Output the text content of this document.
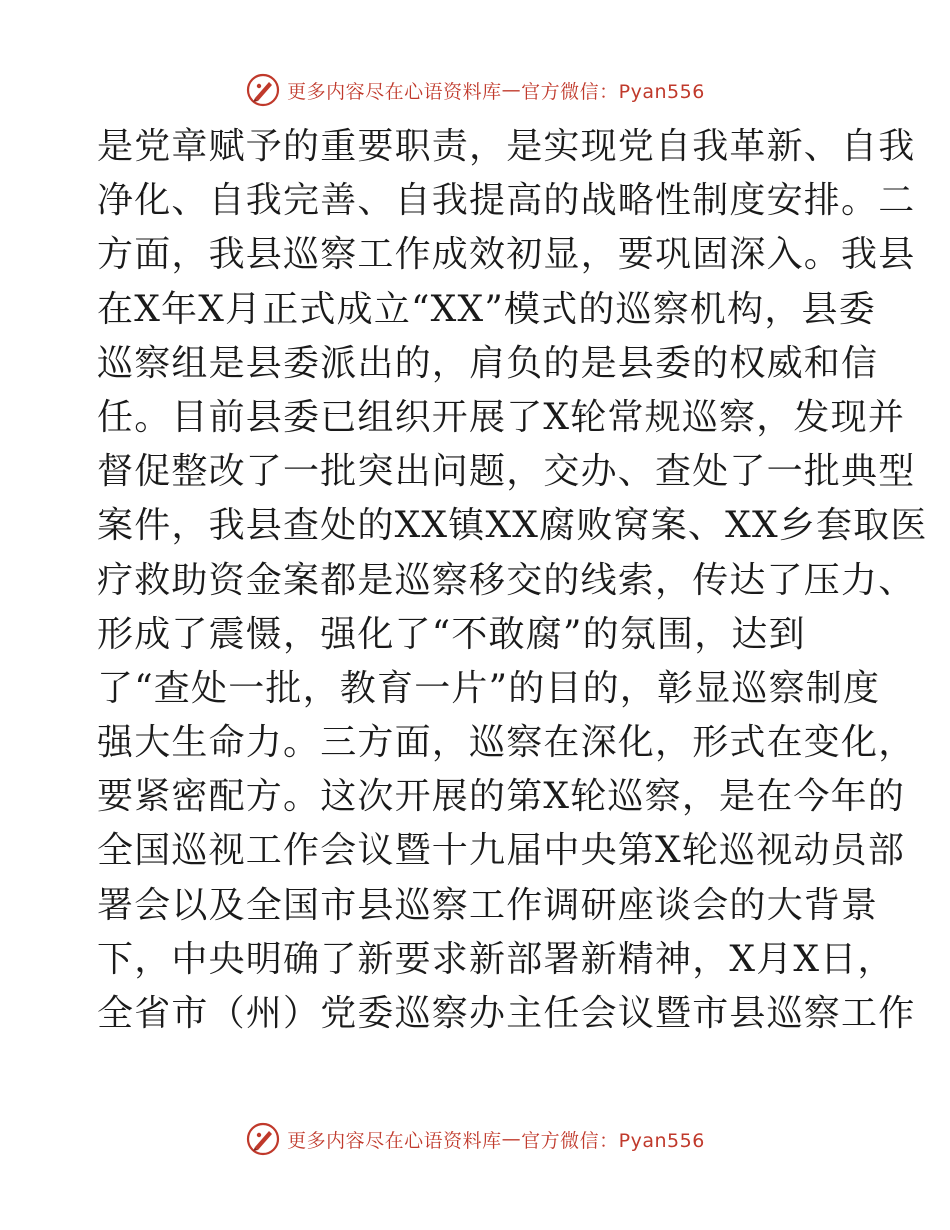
更多内容尽在心语资料库 — 官方微信：Pyan556
是党章赋予的重要职责，是实现党自我革新、自我
净化、自我完善、自我提高的战略性制度安排。二
方面，我县巡察工作成效初显，要巩固深入。我县
在X年X月正式成立“XX”模式的巡察机构，县委
巡察组是县委派出的，肩负的是县委的权威和信
任。目前县委已组织开展了X轮常规巡察，发现并
督促整改了一批突出问题，交办、查处了一批典型
案件，我县查处的XX镇XX腐败窝案、XX乡套取医
疗救助资金案都是巡察移交的线索，传达了压力、
形成了震慑，强化了“不敢腐”的氛围，达到
了“查处一批，教育一片”的目的，彰显巡察制度
强大生命力。三方面，巡察在深化，形式在变化，
要紧密配方。这次开展的第X轮巡察，是在今年的
全国巡视工作会议暨十九届中央第X轮巡视动员部
署会以及全国市县巡察工作调研座谈会的大背景
下，中央明确了新要求新部署新精神，X月X日，
全省市（州）党委巡察办主任会议暨市县巡察工作
更多内容尽在心语资料库 — 官方微信：Pyan556
